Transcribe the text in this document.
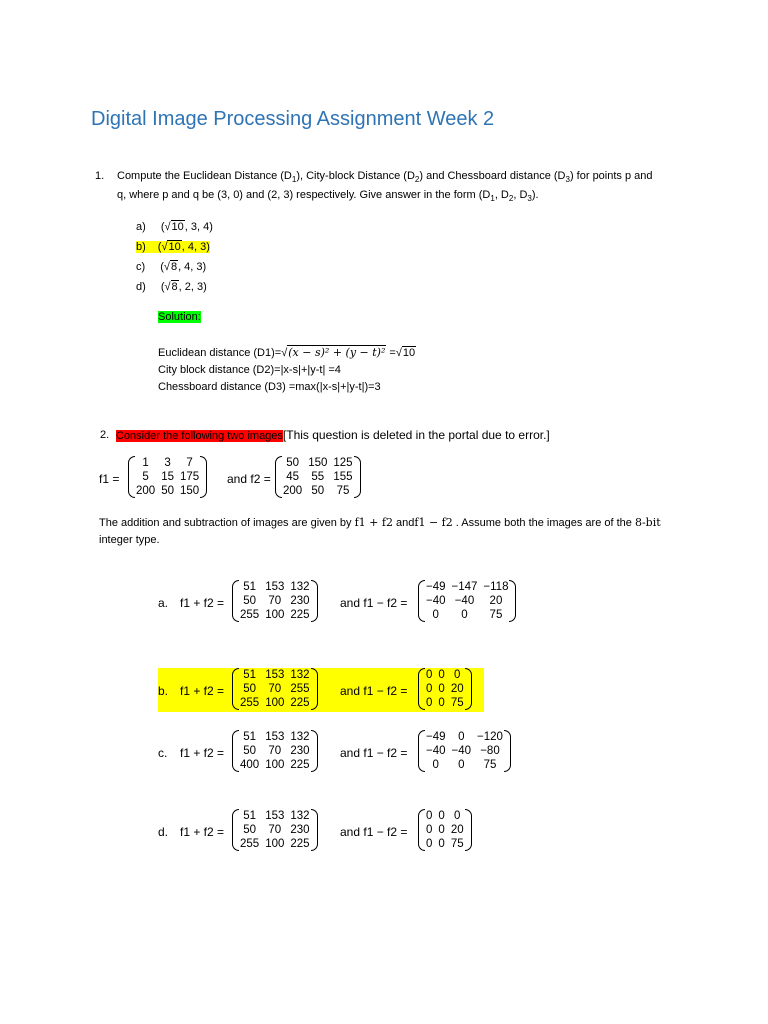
Digital Image Processing Assignment Week 2
1. Compute the Euclidean Distance $(D_1)$, City-block Distance $(D_2)$ and Chessboard distance $(D_3)$ for points p and
q, where p and q be (3, 0) and (2, 3) respectively. Give answer in the form ($D_1$, $D_2$, $D_3$).
a) (√10, 3, 4)
b) (√10, 4, 3)
c) (√8, 4, 3)
d) (√8, 2, 3)
Solution:
Euclidean distance (D1)=√(x − s)² + (y − t)² =√10
City block distance (D2)=|x-s|+|y-t| =4
Chessboard distance (D3) =max(|x-s|+|y-t|)=3
2. Consider the following two images[This question is deleted in the portal due to error.]
f1 =
1	3	7
5	15 175
200 50 150
and f2 =
50 150 125
45 55 155
200 50 75
The addition and subtraction of images are given by f1 + f2 andf1 − f2 . Assume both the images are of the 8-bit
integer type.
a. f1 + f2 =
51 153 132
50 70 230
255 100 225
and f1 − f2 =
−49 −147 −118
−40 −40	20
0	0	75
b. f1 + f2 =
51 153 132
50 70 255
255 100 225
and f1 − f2 =
0 0 0
0 0 20
0 0 75
c. f1 + f2 =
51 153 132
50 70 230
400 100 225
and f1 − f2 =
−49	0	−120
−40 −40 −80
0	0	75
d. f1 + f2 =
51 153 132
50 70 230
255 100 225
and f1 − f2 =
0 0 0
0 0 20
0 0 75
